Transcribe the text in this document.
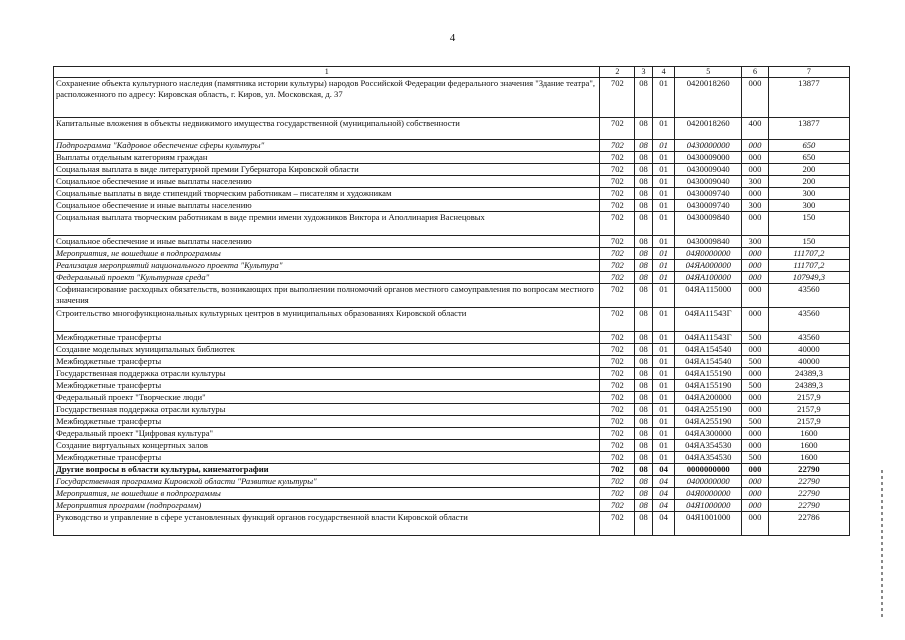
4
1	2	3	4	5	6	7
Сохранение объекта культурного наследия (памятника истории культуры) народов Российской Федерации федерального значения "Здание театра", расположенного по адресу: Кировская область, г. Киров, ул. Московская, д. 37	702	08	01	0420018260	000	13877
Капитальные вложения в объекты недвижимого имущества государственной (муниципальной) собственности	702	08	01	0420018260	400	13877
Подпрограмма "Кадровое обеспечение сферы культуры"	702	08	01	0430000000	000	650
Выплаты отдельным категориям граждан	702	08	01	0430009000	000	650
Социальная выплата в виде литературной премии Губернатора Кировской области	702	08	01	0430009040	000	200
Социальное обеспечение и иные выплаты населению	702	08	01	0430009040	300	200
Социальные выплаты в виде стипендий творческим работникам – писателям и художникам	702	08	01	0430009740	000	300
Социальное обеспечение и иные выплаты населению	702	08	01	0430009740	300	300
Социальная выплата творческим работникам в виде премии имени художников Виктора и Аполлинария Васнецовых	702	08	01	0430009840	000	150
Социальное обеспечение и иные выплаты населению	702	08	01	0430009840	300	150
Мероприятия, не вошедшие в подпрограммы	702	08	01	04Я0000000	000	111707,2
Реализация мероприятий национального проекта "Культура"	702	08	01	04ЯА000000	000	111707,2
Федеральный проект "Культурная среда"	702	08	01	04ЯА100000	000	107949,3
Софинансирование расходных обязательств, возникающих при выполнении полномочий органов местного самоуправления по вопросам местного значения	702	08	01	04ЯА115000	000	43560
Строительство многофункциональных культурных центров в муниципальных образованиях Кировской области	702	08	01	04ЯА11543Г	000	43560
Межбюджетные трансферты	702	08	01	04ЯА11543Г	500	43560
Создание модельных муниципальных библиотек	702	08	01	04ЯА154540	000	40000
Межбюджетные трансферты	702	08	01	04ЯА154540	500	40000
Государственная поддержка отрасли культуры	702	08	01	04ЯА155190	000	24389,3
Межбюджетные трансферты	702	08	01	04ЯА155190	500	24389,3
Федеральный проект "Творческие люди"	702	08	01	04ЯА200000	000	2157,9
Государственная поддержка отрасли культуры	702	08	01	04ЯА255190	000	2157,9
Межбюджетные трансферты	702	08	01	04ЯА255190	500	2157,9
Федеральный проект "Цифровая культура"	702	08	01	04ЯА300000	000	1600
Создание виртуальных концертных залов	702	08	01	04ЯА354530	000	1600
Межбюджетные трансферты	702	08	01	04ЯА354530	500	1600
Другие вопросы в области культуры, кинематографии	702	08	04	0000000000	000	22790
Государственная программа Кировской области "Развитие культуры"	702	08	04	0400000000	000	22790
Мероприятия, не вошедшие в подпрограммы	702	08	04	04Я0000000	000	22790
Мероприятия программ (подпрограмм)	702	08	04	04Я1000000	000	22790
Руководство и управление в сфере установленных функций органов государственной власти Кировской области	702	08	04	04Я1001000	000	22786
